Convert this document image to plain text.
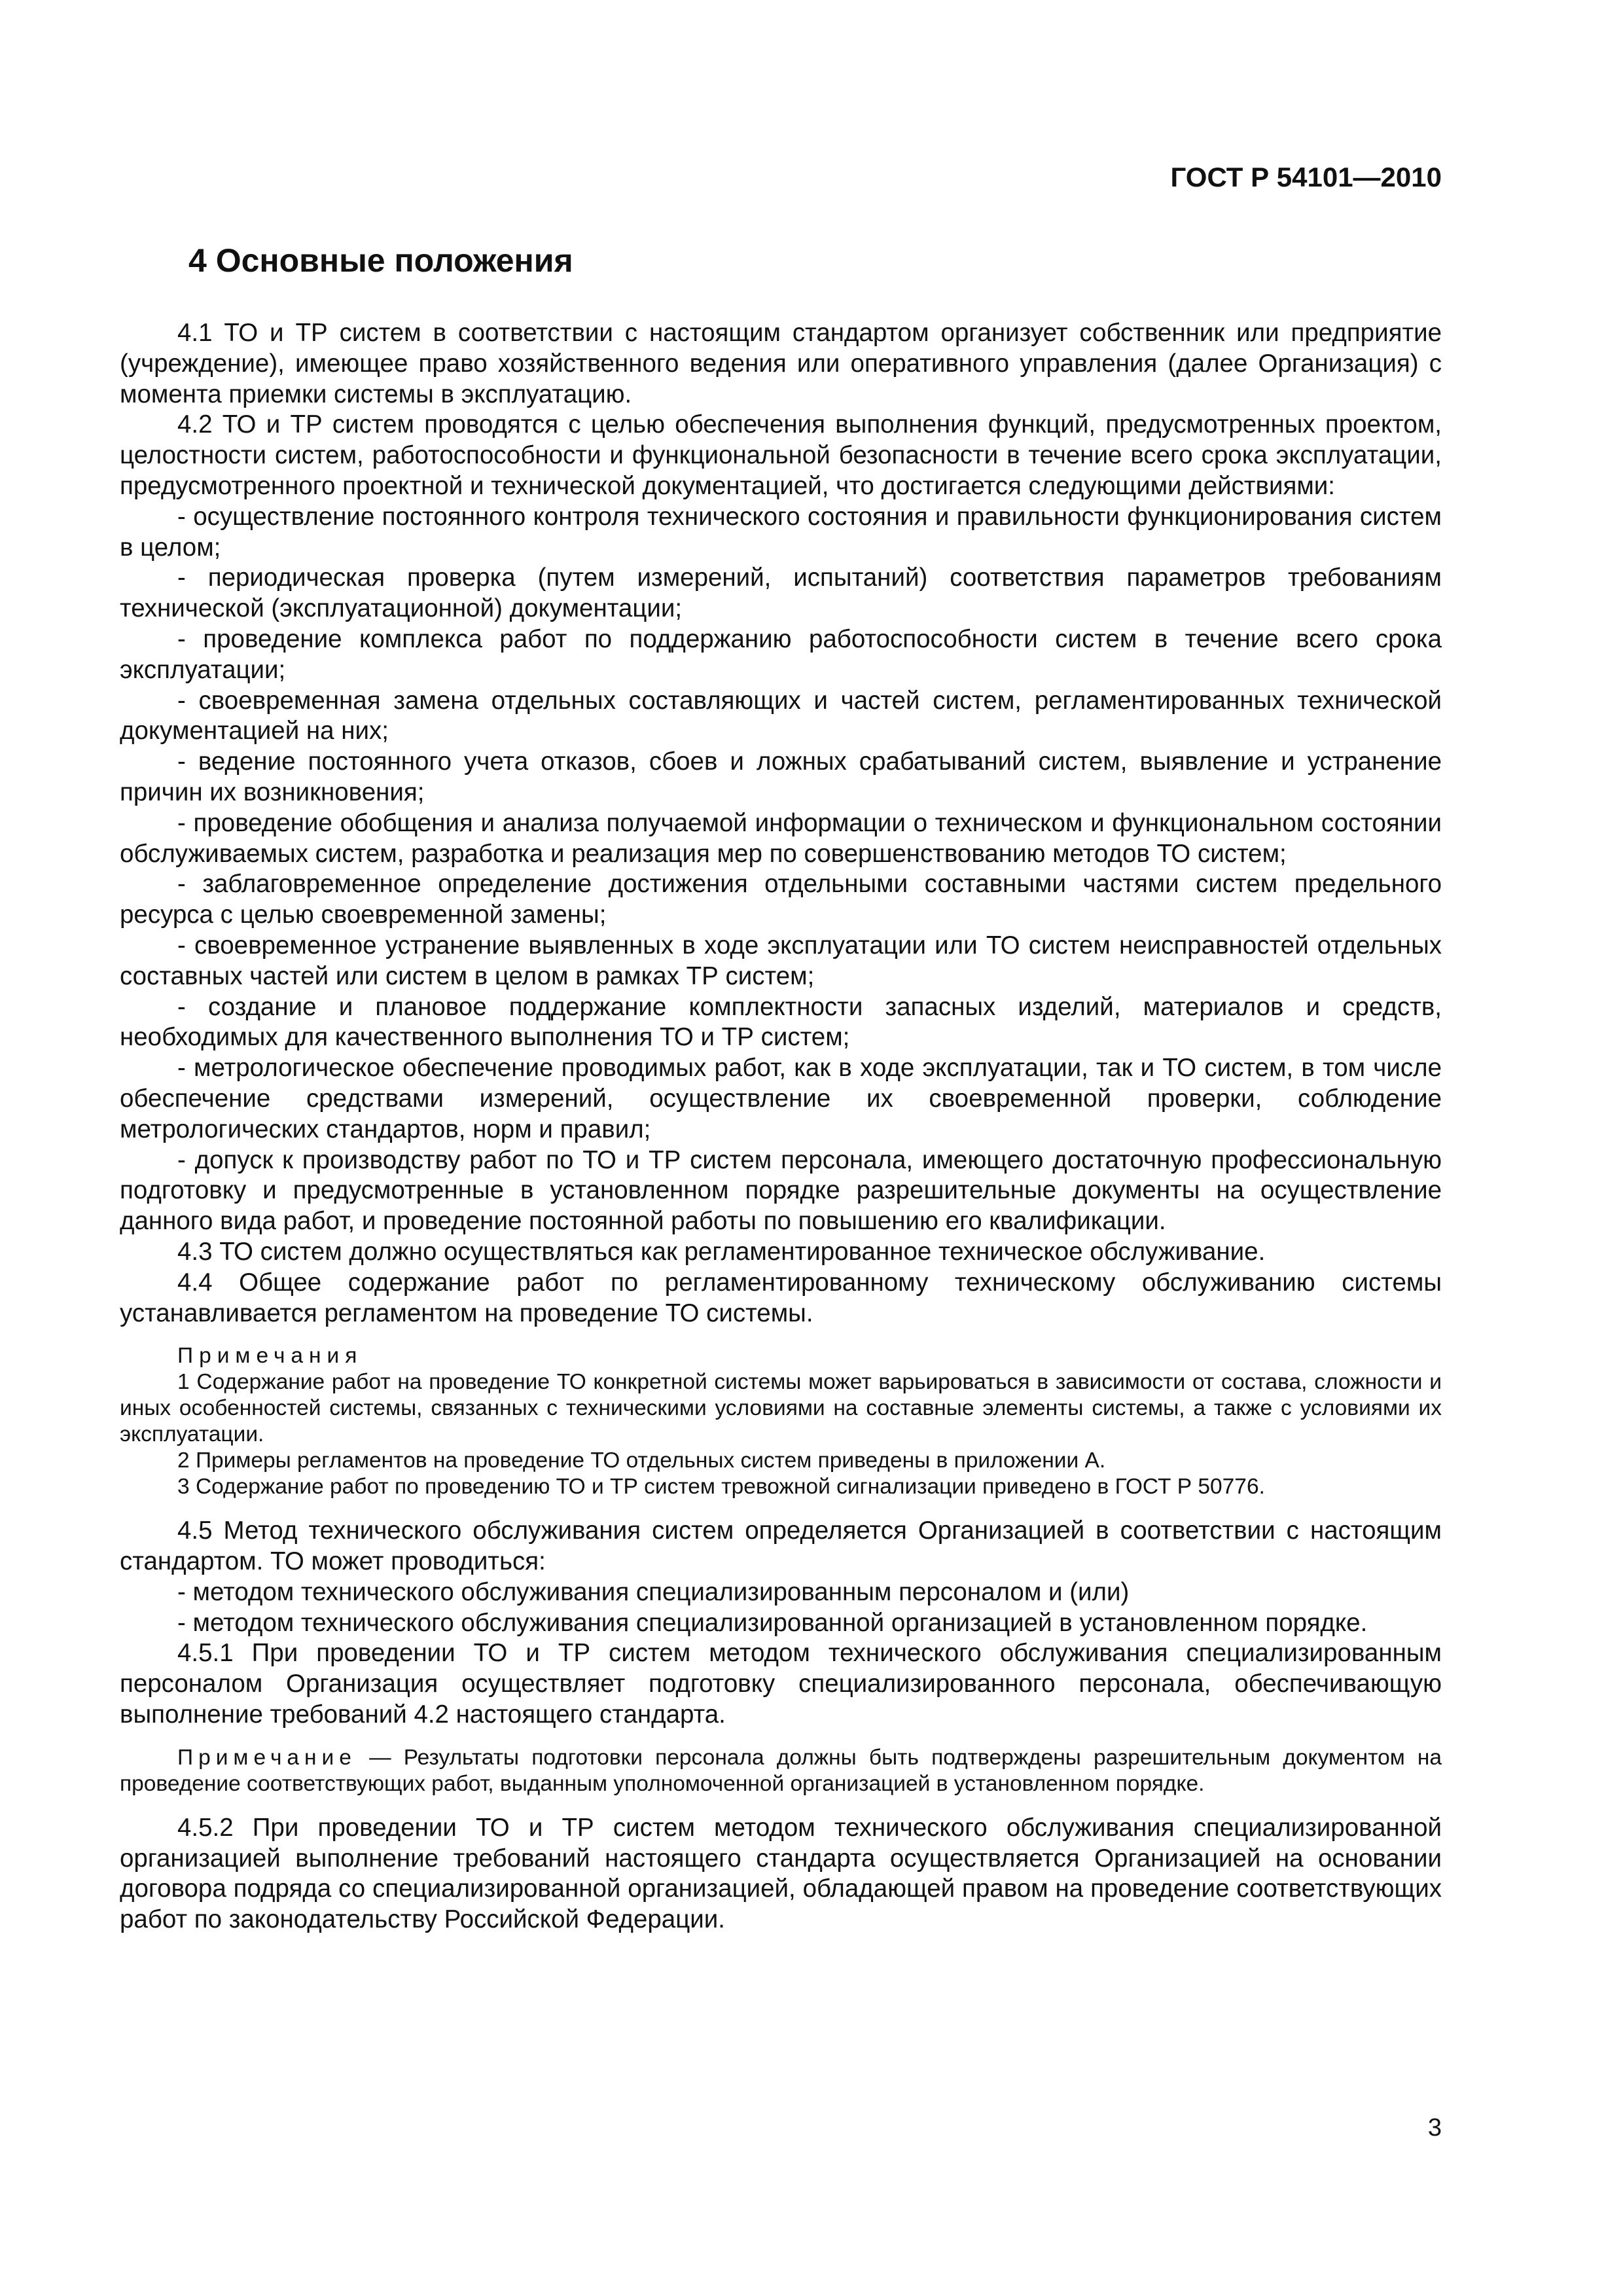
ГОСТ Р 54101—2010
4 Основные положения

4.1 ТО и ТР систем в соответствии с настоящим стандартом организует собственник или предприятие (учреждение), имеющее право хозяйственного ведения или оперативного управления (далее Организация) с момента приемки системы в эксплуатацию.

4.2 ТО и ТР систем проводятся с целью обеспечения выполнения функций, предусмотренных проектом, целостности систем, работоспособности и функциональной безопасности в течение всего срока эксплуатации, предусмотренного проектной и технической документацией, что достигается следующими действиями:

- осуществление постоянного контроля технического состояния и правильности функционирования систем в целом;

- периодическая проверка (путем измерений, испытаний) соответствия параметров требованиям технической (эксплуатационной) документации;

- проведение комплекса работ по поддержанию работоспособности систем в течение всего срока эксплуатации;

- своевременная замена отдельных составляющих и частей систем, регламентированных технической документацией на них;

- ведение постоянного учета отказов, сбоев и ложных срабатываний систем, выявление и устранение причин их возникновения;

- проведение обобщения и анализа получаемой информации о техническом и функциональном состоянии обслуживаемых систем, разработка и реализация мер по совершенствованию методов ТО систем;

- заблаговременное определение достижения отдельными составными частями систем предельного ресурса с целью своевременной замены;

- своевременное устранение выявленных в ходе эксплуатации или ТО систем неисправностей отдельных составных частей или систем в целом в рамках ТР систем;

- создание и плановое поддержание комплектности запасных изделий, материалов и средств, необходимых для качественного выполнения ТО и ТР систем;

- метрологическое обеспечение проводимых работ, как в ходе эксплуатации, так и ТО систем, в том числе обеспечение средствами измерений, осуществление их своевременной проверки, соблюдение метрологических стандартов, норм и правил;

- допуск к производству работ по ТО и ТР систем персонала, имеющего достаточную профессиональную подготовку и предусмотренные в установленном порядке разрешительные документы на осуществление данного вида работ, и проведение постоянной работы по повышению его квалификации.

4.3 ТО систем должно осуществляться как регламентированное техническое обслуживание.

4.4 Общее содержание работ по регламентированному техническому обслуживанию системы устанавливается регламентом на проведение ТО системы.

Примечания

1 Содержание работ на проведение ТО конкретной системы может варьироваться в зависимости от состава, сложности и иных особенностей системы, связанных с техническими условиями на составные элементы системы, а также с условиями их эксплуатации.

2 Примеры регламентов на проведение ТО отдельных систем приведены в приложении А.

3 Содержание работ по проведению ТО и ТР систем тревожной сигнализации приведено в ГОСТ Р 50776.

4.5 Метод технического обслуживания систем определяется Организацией в соответствии с настоящим стандартом. ТО может проводиться:

- методом технического обслуживания специализированным персоналом и (или)

- методом технического обслуживания специализированной организацией в установленном порядке.

4.5.1 При проведении ТО и ТР систем методом технического обслуживания специализированным персоналом Организация осуществляет подготовку специализированного персонала, обеспечивающую выполнение требований 4.2 настоящего стандарта.

Примечание — Результаты подготовки персонала должны быть подтверждены разрешительным документом на проведение соответствующих работ, выданным уполномоченной организацией в установленном порядке.

4.5.2 При проведении ТО и ТР систем методом технического обслуживания специализированной организацией выполнение требований настоящего стандарта осуществляется Организацией на основании договора подряда со специализированной организацией, обладающей правом на проведение соответствующих работ по законодательству Российской Федерации.

3
